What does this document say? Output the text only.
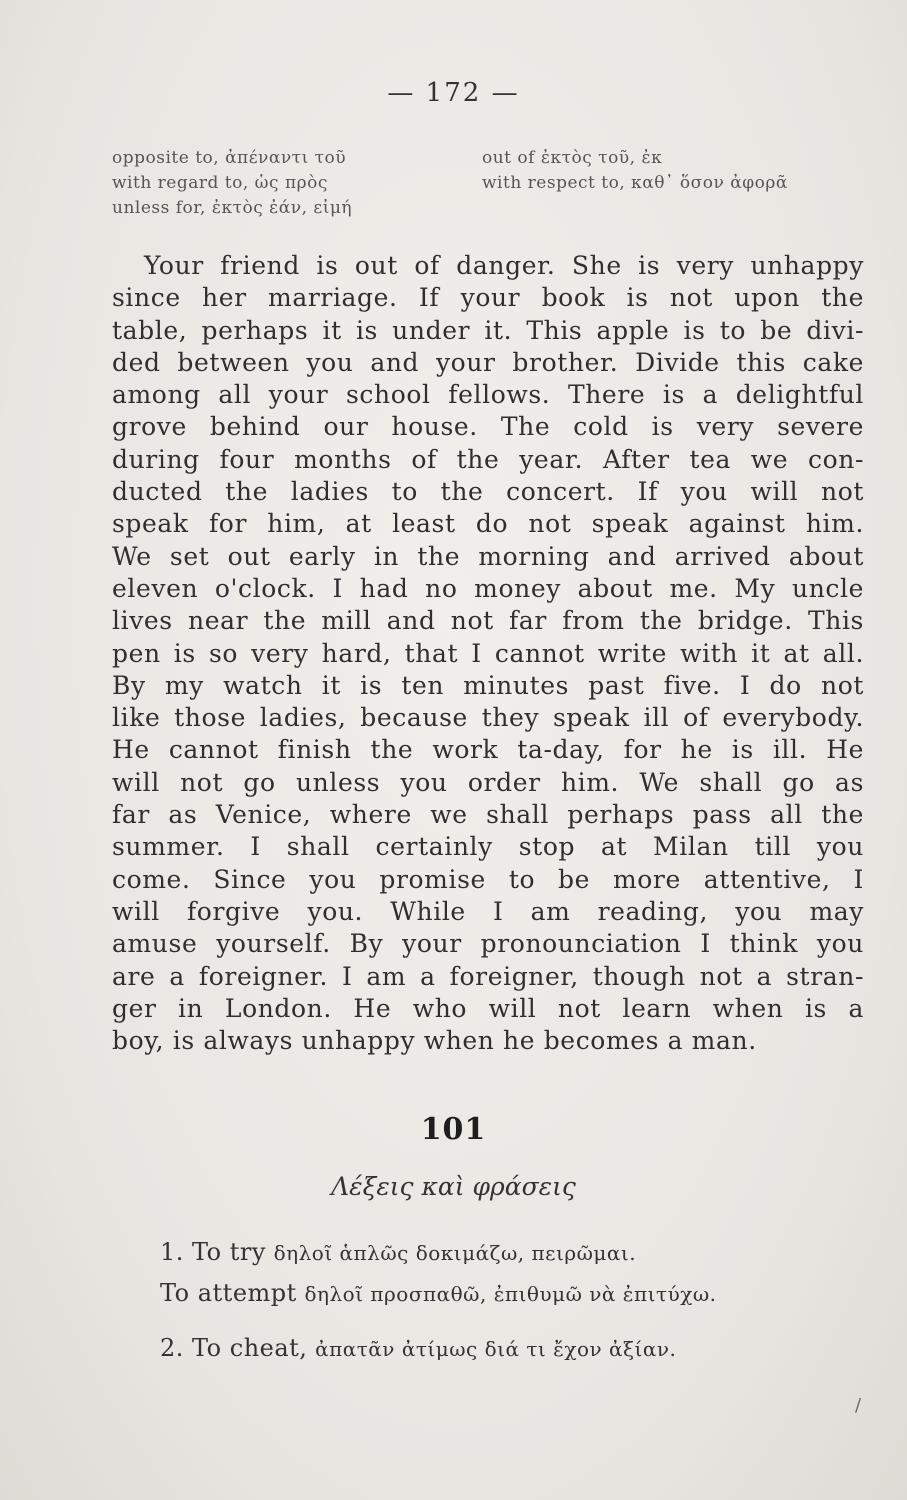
— 172 —
opposite to, ἀπέναντι τοῦ
with regard to, ὡς πρὸς
unless for, ἐκτὸς ἐάν, εἰμή
out of ἐκτὸς τοῦ, ἐκ
with respect to, καθ᾽ ὅσον ἀφορᾶ
Your friend is out of danger. She is very unhappy
since her marriage. If your book is not upon the
table, perhaps it is under it. This apple is to be divi-
ded between you and your brother. Divide this cake
among all your school fellows. There is a delightful
grove behind our house. The cold is very severe
during four months of the year. After tea we con-
ducted the ladies to the concert. If you will not
speak for him, at least do not speak against him.
We set out early in the morning and arrived about
eleven o'clock. I had no money about me. My uncle
lives near the mill and not far from the bridge. This
pen is so very hard, that I cannot write with it at all.
By my watch it is ten minutes past five. I do not
like those ladies, because they speak ill of everybody.
He cannot finish the work ta-day, for he is ill. He
will not go unless you order him. We shall go as
far as Venice, where we shall perhaps pass all the
summer. I shall certainly stop at Milan till you
come. Since you promise to be more attentive, I
will forgive you. While I am reading, you may
amuse yourself. By your pronounciation I think you
are a foreigner. I am a foreigner, though not a stran-
ger in London. He who will not learn when is a
boy, is always unhappy when he becomes a man.
101
Λέξεις καὶ φράσεις
1. To try δηλοῖ ἁπλῶς δοκιμάζω, πειρῶμαι.
To attempt δηλοῖ προσπαθῶ, ἐπιθυμῶ νὰ ἐπιτύχω.
2. To cheat, ἀπατᾶν ἀτίμως διά τι ἔχον ἀξίαν.
/
